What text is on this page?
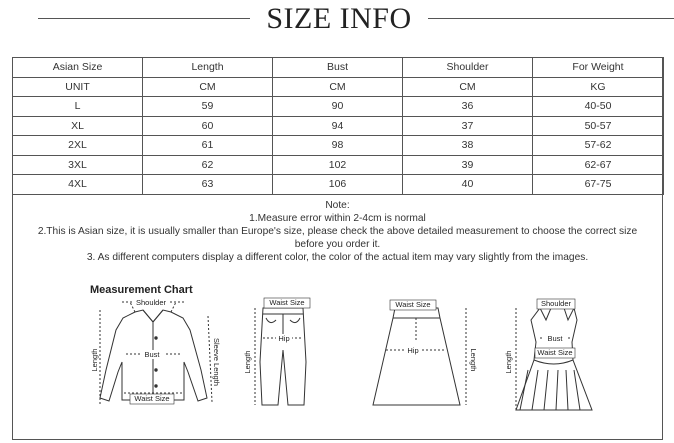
SIZE INFO
Asian Size	Length	Bust	Shoulder	For Weight
UNIT	CM	CM	CM	KG
L	59	90	36	40-50
XL	60	94	37	50-57
2XL	61	98	38	57-62
3XL	62	102	39	62-67
4XL	63	106	40	67-75
Note:
1.Measure error within 2-4cm is normal
2.This is Asian size, it is usually smaller than Europe's size, please check the above detailed measurement to choose the correct size
before you order it.
3. As different computers display a different color, the color of the actual item may vary slightly from the images.
Measurement Chart
Shoulder
Bust
Waist Size
Length	Sleeve Length
Waist Size
Hip
Length
Waist Size
Hip	Length
Shoulder
Bust
Waist Size
Length
